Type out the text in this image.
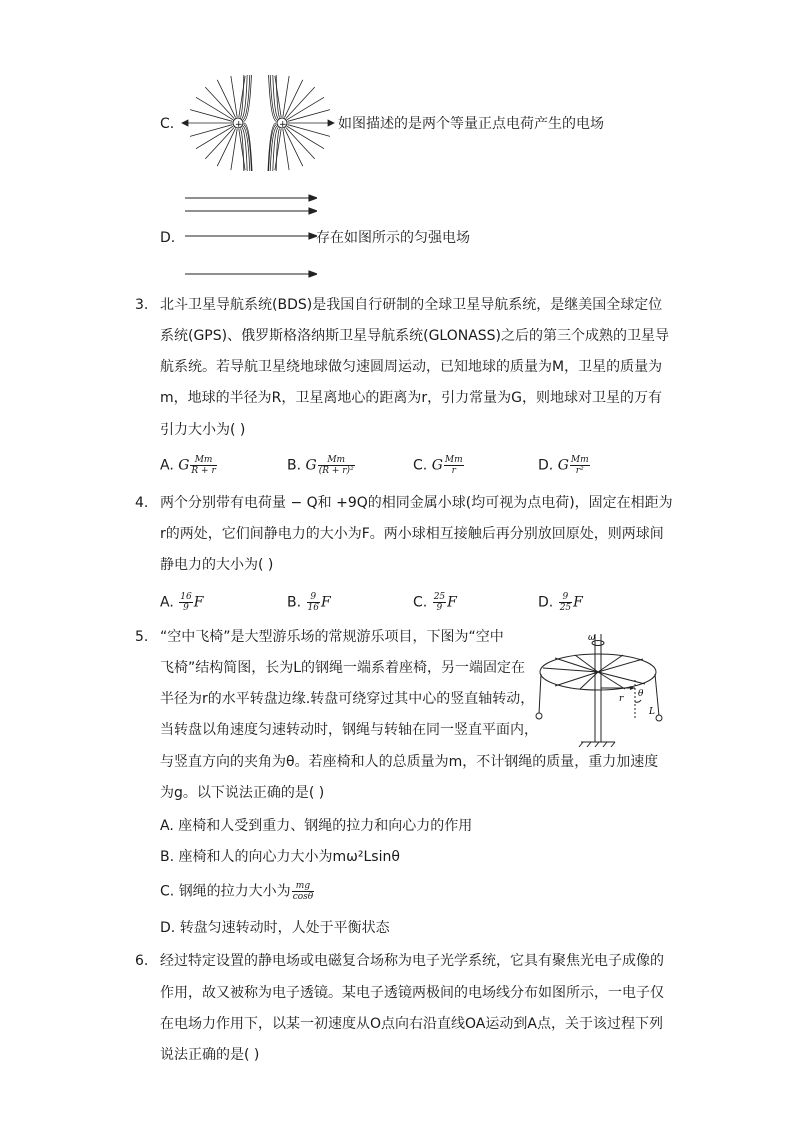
C.	+	+	如图描述的是两个等量正点电荷产生的电场
D.	存在如图所示的匀强电场
3. 北斗卫星导航系统(BDS)是我国自行研制的全球卫星导航系统，是继美国全球定位
系统(GPS)、俄罗斯格洛纳斯卫星导航系统(GLONASS)之后的第三个成熟的卫星导
航系统。若导航卫星绕地球做匀速圆周运动，已知地球的质量为M，卫星的质量为
m，地球的半径为R，卫星离地心的距离为r，引力常量为G，则地球对卫星的万有
引力大小为( )
A. G $\frac{Mm}{R + r}$	B. G $\frac{Mm}{\text{(R + r)²}}$	C. G $\frac{Mm}{r}$	D. G $\frac{Mm}{\text{r²}}$
4. 两个分别带有电荷量 − Q和 +9Q的相同金属小球(均可视为点电荷)，固定在相距为
r的两处，它们间静电力的大小为F。两小球相互接触后再分别放回原处，则两球间
静电力的大小为( )
A. $\frac{16}{9}$ F	B. $\frac{9}{16}$ F	C. $\frac{25}{9}$ F	D. $\frac{9}{25}$ F
5. “空中飞椅”是大型游乐场的常规游乐项目，下图为“空中
飞椅”结构简图，长为L的钢绳一端系着座椅，另一端固定在
半径为r的水平转盘边缘.转盘可绕穿过其中心的竖直轴转动，
当转盘以角速度匀速转动时，钢绳与转轴在同一竖直平面内，
与竖直方向的夹角为θ。若座椅和人的总质量为m，不计钢绳的质量，重力加速度
为g。以下说法正确的是( )
ω
r θ
L
A. 座椅和人受到重力、钢绳的拉力和向心力的作用
B. 座椅和人的向心力大小为mω²Lsinθ
C. 钢绳的拉力大小为 $\frac{mg}{\cos\theta}$
D. 转盘匀速转动时，人处于平衡状态
6. 经过特定设置的静电场或电磁复合场称为电子光学系统，它具有聚焦光电子成像的
作用，故又被称为电子透镜。某电子透镜两极间的电场线分布如图所示，一电子仅
在电场力作用下，以某一初速度从O点向右沿直线OA运动到A点，关于该过程下列
说法正确的是( )
